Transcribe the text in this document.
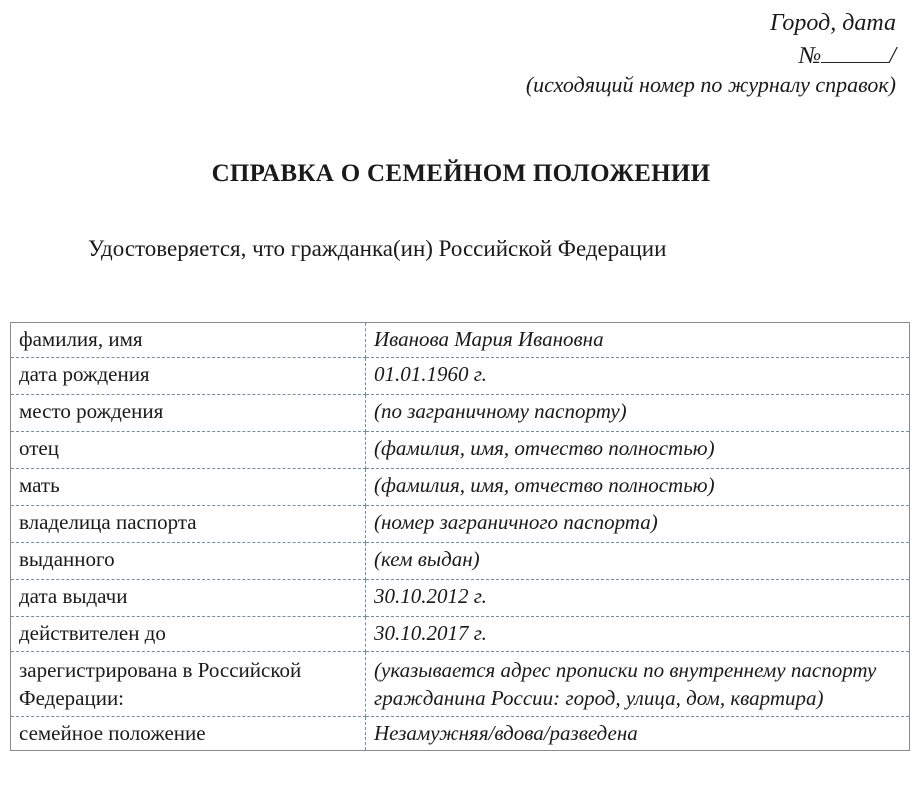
Город, дата
№	/
(исходящий номер по журналу справок)
СПРАВКА О СЕМЕЙНОМ ПОЛОЖЕНИИ
Удостоверяется, что гражданка(ин) Российской Федерации
фамилия, имя	Иванова Мария Ивановна
дата рождения	01.01.1960 г.
место рождения	(по заграничному паспорту)
отец	(фамилия, имя, отчество полностью)
мать	(фамилия, имя, отчество полностью)
владелица паспорта	(номер заграничного паспорта)
выданного	(кем выдан)
дата выдачи	30.10.2012 г.
действителен до	30.10.2017 г.
зарегистрирована в Российской Федерации:	(указывается адрес прописки по внутреннему паспорту гражданина России: город, улица, дом, квартира)
семейное положение	Незамужняя/вдова/разведена
